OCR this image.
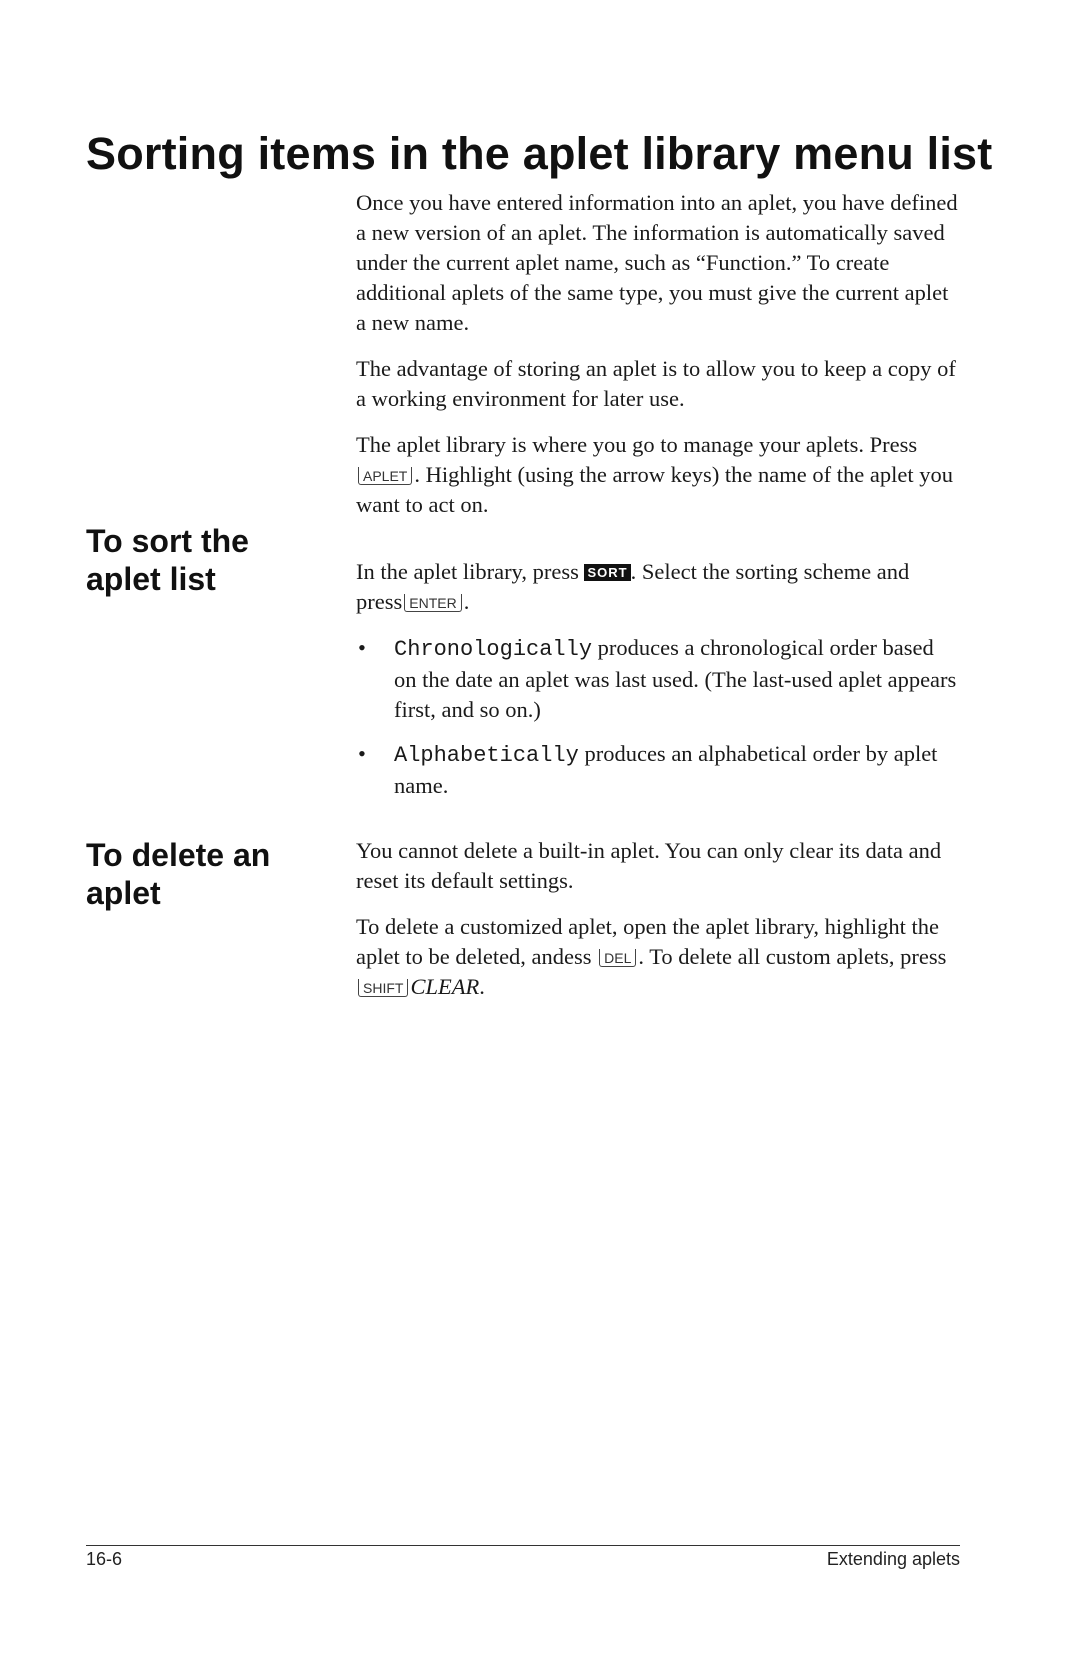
Sorting items in the aplet library menu list

Once you have entered information into an aplet, you have defined a new version of an aplet. The information is automatically saved under the current aplet name, such as “Function.” To create additional aplets of the same type, you must give the current aplet a new name.

The advantage of storing an aplet is to allow you to keep a copy of a working environment for later use.

The aplet library is where you go to manage your aplets. Press APLET . Highlight (using the arrow keys) the name of the aplet you want to act on.

To sort the aplet list	In the aplet library, press SORT . Select the sorting scheme and press ENTER .

• Chronologically produces a chronological order based on the date an aplet was last used. (The last-used aplet appears first, and so on.)
• Alphabetically produces an alphabetical order by aplet name.
To delete an aplet

You cannot delete a built-in aplet. You can only clear its data and reset its default settings.

To delete a customized aplet, open the aplet library, highlight the aplet to be deleted, andess DEL . To delete all custom aplets, press SHIFT CLEAR.

16-6	Extending aplets
